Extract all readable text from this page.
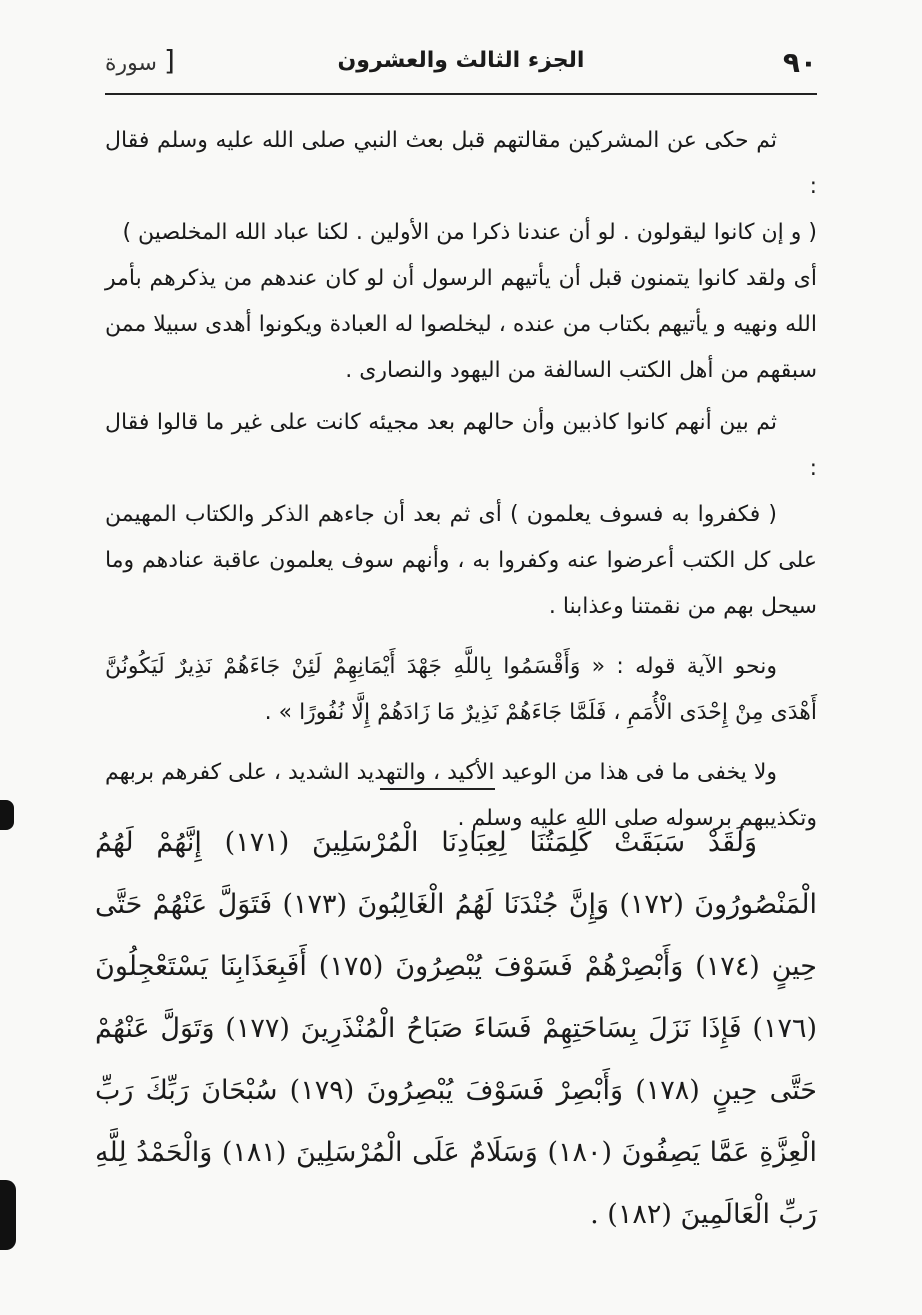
٩٠
الجزء الثالث والعشرون
[ سورة

ثم حكى عن المشركين مقالتهم قبل بعث النبي صلى الله عليه وسلم فقال :

( و إن كانوا ليقولون . لو أن عندنا ذكرا من الأولين . لكنا عباد الله المخلصين )

أى ولقد كانوا يتمنون قبل أن يأتيهم الرسول أن لو كان عندهم من يذكرهم بأمر الله ونهيه و يأتيهم بكتاب من عنده ، ليخلصوا له العبادة ويكونوا أهدى سبيلا ممن سبقهم من أهل الكتب السالفة من اليهود والنصارى .

ثم بين أنهم كانوا كاذبين وأن حالهم بعد مجيئه كانت على غير ما قالوا فقال :

( فكفروا به فسوف يعلمون ) أى ثم بعد أن جاءهم الذكر والكتاب المهيمن على كل الكتب أعرضوا عنه وكفروا به ، وأنهم سوف يعلمون عاقبة عنادهم وما سيحل بهم من نقمتنا وعذابنا .

ونحو الآية قوله : « وَأَقْسَمُوا بِاللَّهِ جَهْدَ أَيْمَانِهِمْ لَئِنْ جَاءَهُمْ نَذِيرٌ لَيَكُونُنَّ أَهْدَى مِنْ إِحْدَى الْأُمَمِ ، فَلَمَّا جَاءَهُمْ نَذِيرٌ مَا زَادَهُمْ إِلَّا نُفُورًا » .

ولا يخفى ما فى هذا من الوعيد الأكيد ، والتهديد الشديد ، على كفرهم بربهم وتكذيبهم برسوله صلى الله عليه وسلم .

وَلَقَدْ سَبَقَتْ كَلِمَتُنَا لِعِبَادِنَا الْمُرْسَلِينَ (١٧١) إِنَّهُمْ لَهُمُ الْمَنْصُورُونَ (١٧٢) وَإِنَّ جُنْدَنَا لَهُمُ الْغَالِبُونَ (١٧٣) فَتَوَلَّ عَنْهُمْ حَتَّى حِينٍ (١٧٤) وَأَبْصِرْهُمْ فَسَوْفَ يُبْصِرُونَ (١٧٥) أَفَبِعَذَابِنَا يَسْتَعْجِلُونَ (١٧٦) فَإِذَا نَزَلَ بِسَاحَتِهِمْ فَسَاءَ صَبَاحُ الْمُنْذَرِينَ (١٧٧) وَتَوَلَّ عَنْهُمْ حَتَّى حِينٍ (١٧٨) وَأَبْصِرْ فَسَوْفَ يُبْصِرُونَ (١٧٩) سُبْحَانَ رَبِّكَ رَبِّ الْعِزَّةِ عَمَّا يَصِفُونَ (١٨٠) وَسَلَامٌ عَلَى الْمُرْسَلِينَ (١٨١) وَالْحَمْدُ لِلَّهِ رَبِّ الْعَالَمِينَ (١٨٢) .
